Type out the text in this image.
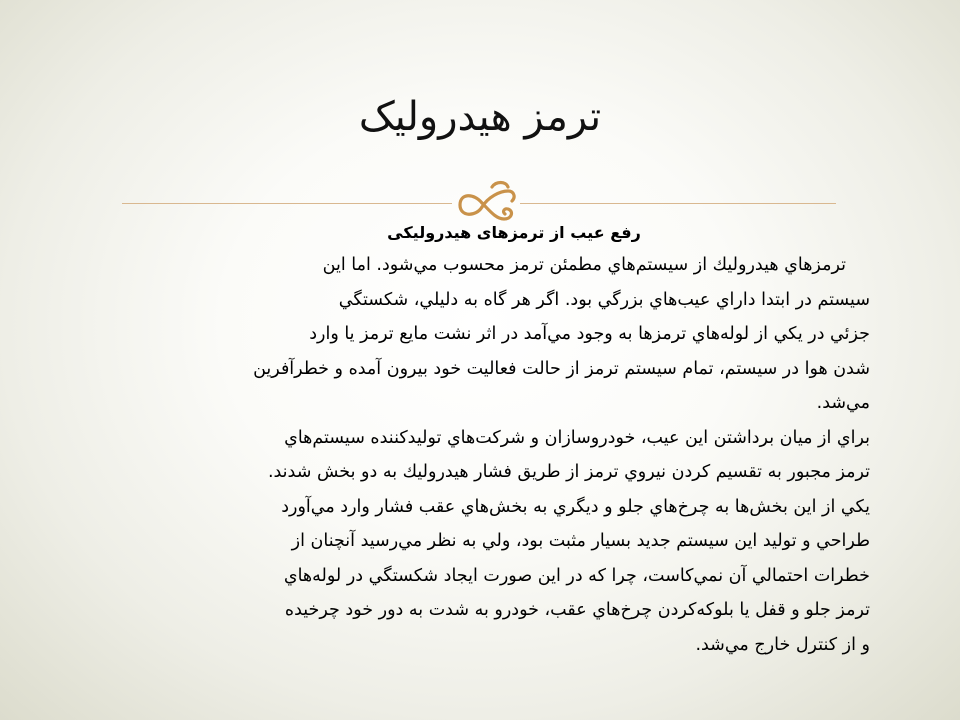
ترمز هيدروليک
رفع عيب از ترمزهای هيدروليکی
ترمزهاي هيدروليك از سيستم‌هاي مطمئن ترمز محسوب مي‌شود. اما اين
سيستم در ابتدا داراي عيب‌هاي بزرگي بود. اگر هر گاه به دليلي، شكستگي
جزئي در يكي از لوله‌هاي ترمزها به وجود مي‌آمد در اثر نشت مايع ترمز يا وارد
شدن هوا در سيستم، تمام سيستم ترمز از حالت فعاليت خود بيرون آمده و خطرآفرين
مي‌شد.
براي از ميان برداشتن اين عيب، خودروسازان و شركت‌هاي توليدكننده سيستم‌هاي
ترمز مجبور به تقسيم كردن نيروي ترمز از طريق فشار هيدروليك به دو بخش شدند.
يكي از اين بخش‌ها به چرخ‌هاي جلو و ديگري به بخش‌هاي عقب فشار وارد مي‌آورد
طراحي و توليد اين سيستم جديد بسيار مثبت بود، ولي به نظر مي‌رسيد آنچنان از
خطرات احتمالي آن نمي‌كاست، چرا كه در اين صورت ايجاد شكستگي در لوله‌هاي
ترمز جلو و قفل يا بلوكه‌كردن چرخ‌هاي عقب، خودرو به شدت به دور خود چرخيده
و از كنترل خارج مي‌شد.
